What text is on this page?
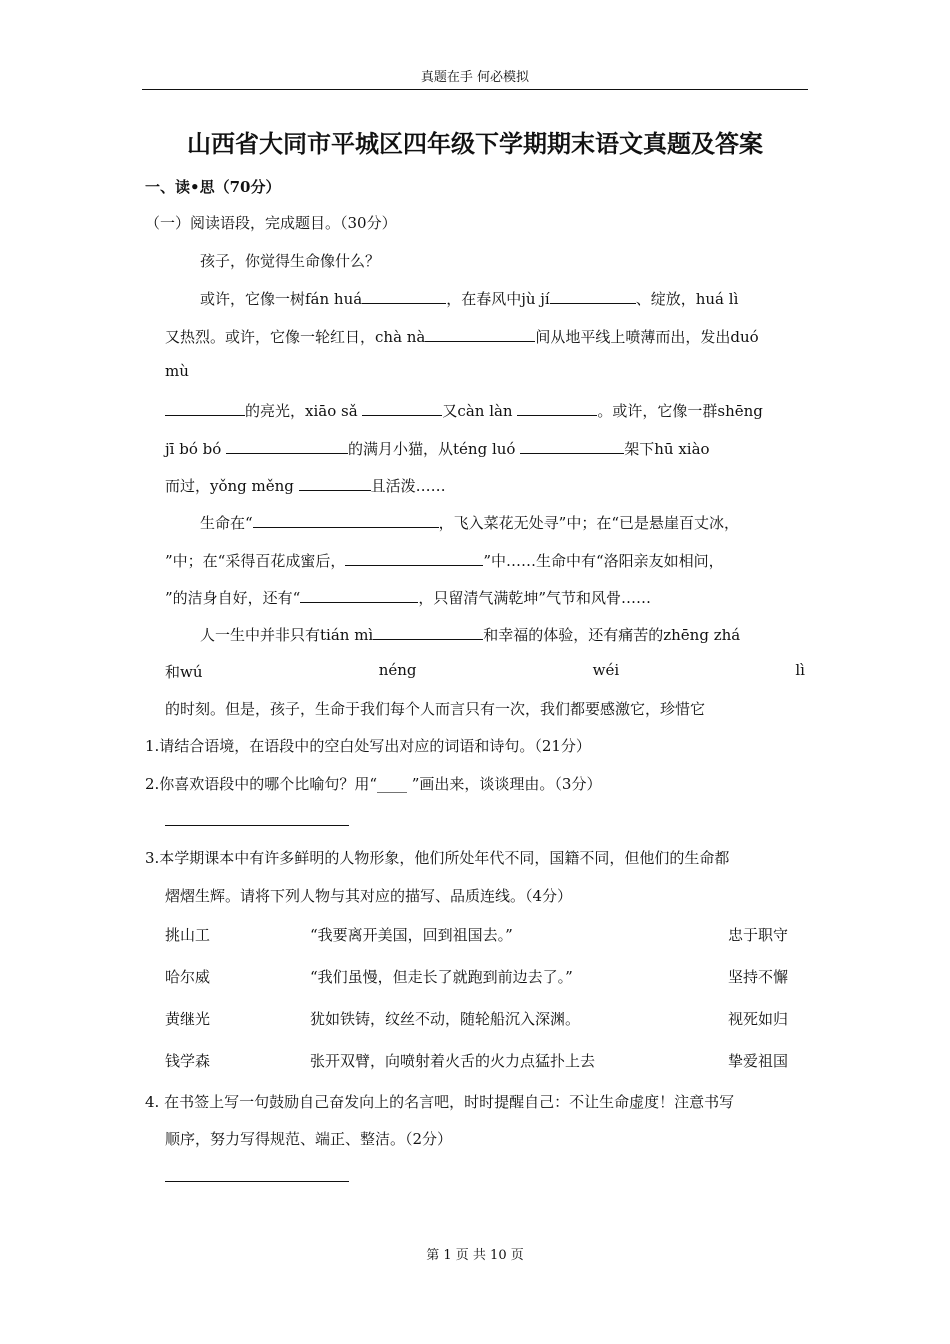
真题在手 何必模拟
山西省大同市平城区四年级下学期期末语文真题及答案
一、读•思（70分）
（一）阅读语段，完成题目。（30分）
孩子，你觉得生命像什么？
或许，它像一树fán huá	，在春风中jù jí	、绽放，huá lì
又热烈。或许，它像一轮红日，chà nà	间从地平线上喷薄而出，发出duó
mù
的亮光，xiāo sǎ	又càn làn	。或许，它像一群shēng
jī bó bó	的满月小猫，从téng luó	架下hū xiào
而过，yǒng měng	且活泼……
生命在“	，飞入菜花无处寻”中；在“已是悬崖百丈冰，
”中；在“采得百花成蜜后，	”中……生命中有“洛阳亲友如相问，
”的洁身自好，还有“	，只留清气满乾坤”气节和风骨……
人一生中并非只有tián mì	和幸福的体验，还有痛苦的zhēng zhá
和wú	néng	wéi	lì
的时刻。但是，孩子，生命于我们每个人而言只有一次，我们都要感激它，珍惜它
1.请结合语境，在语段中的空白处写出对应的词语和诗句。（21分）
2.你喜欢语段中的哪个比喻句？用“____ ”画出来，谈谈理由。（3分）
3.本学期课本中有许多鲜明的人物形象，他们所处年代不同，国籍不同，但他们的生命都
熠熠生辉。请将下列人物与其对应的描写、品质连线。（4分）
挑山工	“我要离开美国，回到祖国去。”	忠于职守
哈尔威	“我们虽慢，但走长了就跑到前边去了。”	坚持不懈
黄继光	犹如铁铸，纹丝不动，随轮船沉入深渊。	视死如归
钱学森	张开双臂，向喷射着火舌的火力点猛扑上去	挚爱祖国
4. 在书签上写一句鼓励自己奋发向上的名言吧，时时提醒自己：不让生命虚度！注意书写
顺序，努力写得规范、端正、整洁。（2分）
第 1 页 共 10 页
